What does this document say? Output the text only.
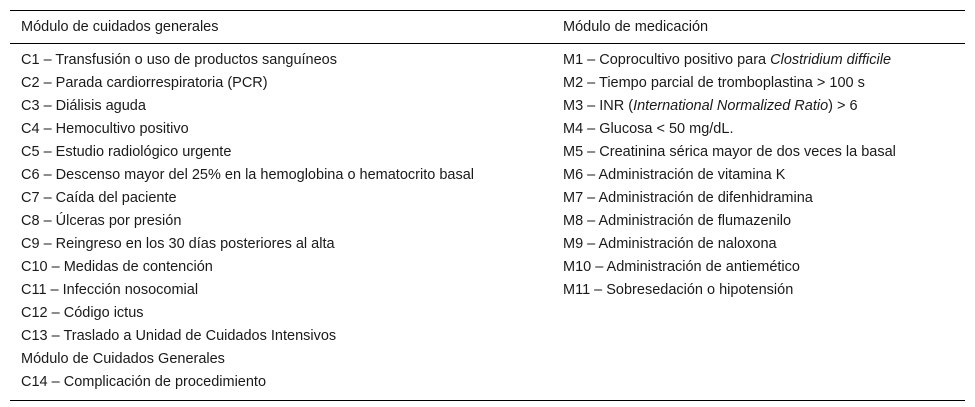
Módulo de cuidados generales	Módulo de medicación
C1 – Transfusión o uso de productos sanguíneos
C2 – Parada cardiorrespiratoria (PCR)
C3 – Diálisis aguda
C4 – Hemocultivo positivo
C5 – Estudio radiológico urgente
C6 – Descenso mayor del 25% en la hemoglobina o hematocrito basal
C7 – Caída del paciente
C8 – Úlceras por presión
C9 – Reingreso en los 30 días posteriores al alta
C10 – Medidas de contención
C11 – Infección nosocomial
C12 – Código ictus
C13 – Traslado a Unidad de Cuidados Intensivos
Módulo de Cuidados Generales
C14 – Complicación de procedimiento
M1 – Coprocultivo positivo para Clostridium difficile
M2 – Tiempo parcial de tromboplastina > 100 s
M3 – INR (International Normalized Ratio) > 6
M4 – Glucosa < 50 mg/dL.
M5 – Creatinina sérica mayor de dos veces la basal
M6 – Administración de vitamina K
M7 – Administración de difenhidramina
M8 – Administración de flumazenilo
M9 – Administración de naloxona
M10 – Administración de antiemético
M11 – Sobresedación o hipotensión
